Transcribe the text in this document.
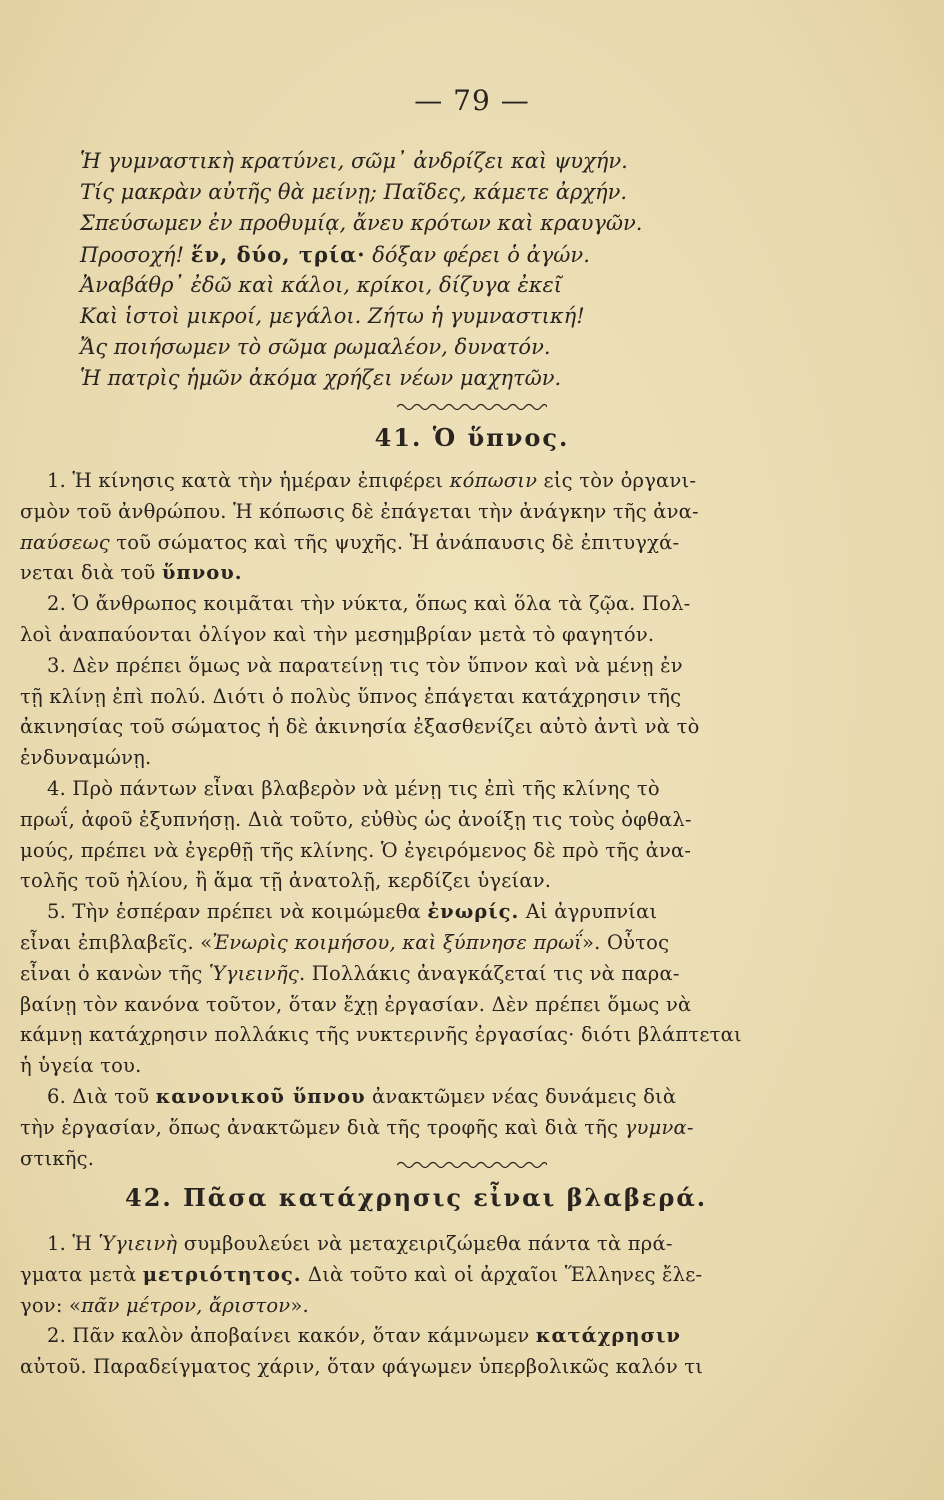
— 79 —
Ἡ γυμναστικὴ κρατύνει, σῶμ᾽ ἀνδρίζει καὶ ψυχήν.
Τίς μακρὰν αὐτῆς θὰ μείνῃ; Παῖδες, κάμετε ἀρχήν.
Σπεύσωμεν ἐν προθυμίᾳ, ἄνευ κρότων καὶ κραυγῶν.
Προσοχή! ἕν, δύο, τρία· δόξαν φέρει ὁ ἀγών.
Ἀναβάθρ᾽ ἐδῶ καὶ κάλοι, κρίκοι, δίζυγα ἐκεῖ
Καὶ ἱστοὶ μικροί, μεγάλοι. Ζήτω ἡ γυμναστική!
Ἄς ποιήσωμεν τὸ σῶμα ρωμαλέον, δυνατόν.
Ἡ πατρὶς ἡμῶν ἀκόμα χρήζει νέων μαχητῶν.
41. Ὁ ὕπνος.
1. Ἡ κίνησις κατὰ τὴν ἡμέραν ἐπιφέρει κόπωσιν εἰς τὸν ὀργανι-
σμὸν τοῦ ἀνθρώπου. Ἡ κόπωσις δὲ ἐπάγεται τὴν ἀνάγκην τῆς ἀνα-
παύσεως τοῦ σώματος καὶ τῆς ψυχῆς. Ἡ ἀνάπαυσις δὲ ἐπιτυγχά-
νεται διὰ τοῦ ὕπνου.
2. Ὁ ἄνθρωπος κοιμᾶται τὴν νύκτα, ὅπως καὶ ὅλα τὰ ζῷα. Πολ-
λοὶ ἀναπαύονται ὀλίγον καὶ τὴν μεσημβρίαν μετὰ τὸ φαγητόν.
3. Δὲν πρέπει ὅμως νὰ παρατείνῃ τις τὸν ὕπνον καὶ νὰ μένῃ ἐν
τῇ κλίνῃ ἐπὶ πολύ. Διότι ὁ πολὺς ὕπνος ἐπάγεται κατάχρησιν τῆς
ἀκινησίας τοῦ σώματος ἡ δὲ ἀκινησία ἐξασθενίζει αὐτὸ ἀντὶ νὰ τὸ
ἐνδυναμώνῃ.
4. Πρὸ πάντων εἶναι βλαβερὸν νὰ μένῃ τις ἐπὶ τῆς κλίνης τὸ
πρωΐ, ἀφοῦ ἐξυπνήσῃ. Διὰ τοῦτο, εὐθὺς ὡς ἀνοίξῃ τις τοὺς ὀφθαλ-
μούς, πρέπει νὰ ἐγερθῇ τῆς κλίνης. Ὁ ἐγειρόμενος δὲ πρὸ τῆς ἀνα-
τολῆς τοῦ ἡλίου, ἢ ἅμα τῇ ἀνατολῇ, κερδίζει ὑγείαν.
5. Τὴν ἑσπέραν πρέπει νὰ κοιμώμεθα ἐνωρίς. Αἱ ἀγρυπνίαι
εἶναι ἐπιβλαβεῖς. «Ἐνωρὶς κοιμήσου, καὶ ξύπνησε πρωΐ». Οὗτος
εἶναι ὁ κανὼν τῆς Ὑγιεινῆς. Πολλάκις ἀναγκάζεταί τις νὰ παρα-
βαίνῃ τὸν κανόνα τοῦτον, ὅταν ἔχῃ ἐργασίαν. Δὲν πρέπει ὅμως νὰ
κάμνῃ κατάχρησιν πολλάκις τῆς νυκτερινῆς ἐργασίας· διότι βλάπτεται
ἡ ὑγεία του.
6. Διὰ τοῦ κανονικοῦ ὕπνου ἀνακτῶμεν νέας δυνάμεις διὰ
τὴν ἐργασίαν, ὅπως ἀνακτῶμεν διὰ τῆς τροφῆς καὶ διὰ τῆς γυμνα-
στικῆς.
42. Πᾶσα κατάχρησις εἶναι βλαβερά.
1. Ἡ Ὑγιεινὴ συμβουλεύει νὰ μεταχειριζώμεθα πάντα τὰ πρά-
γματα μετὰ μετριότητος. Διὰ τοῦτο καὶ οἱ ἀρχαῖοι Ἕλληνες ἔλε-
γον: «πᾶν μέτρον, ἄριστον».
2. Πᾶν καλὸν ἀποβαίνει κακόν, ὅταν κάμνωμεν κατάχρησιν
αὐτοῦ. Παραδείγματος χάριν, ὅταν φάγωμεν ὑπερβολικῶς καλόν τι
